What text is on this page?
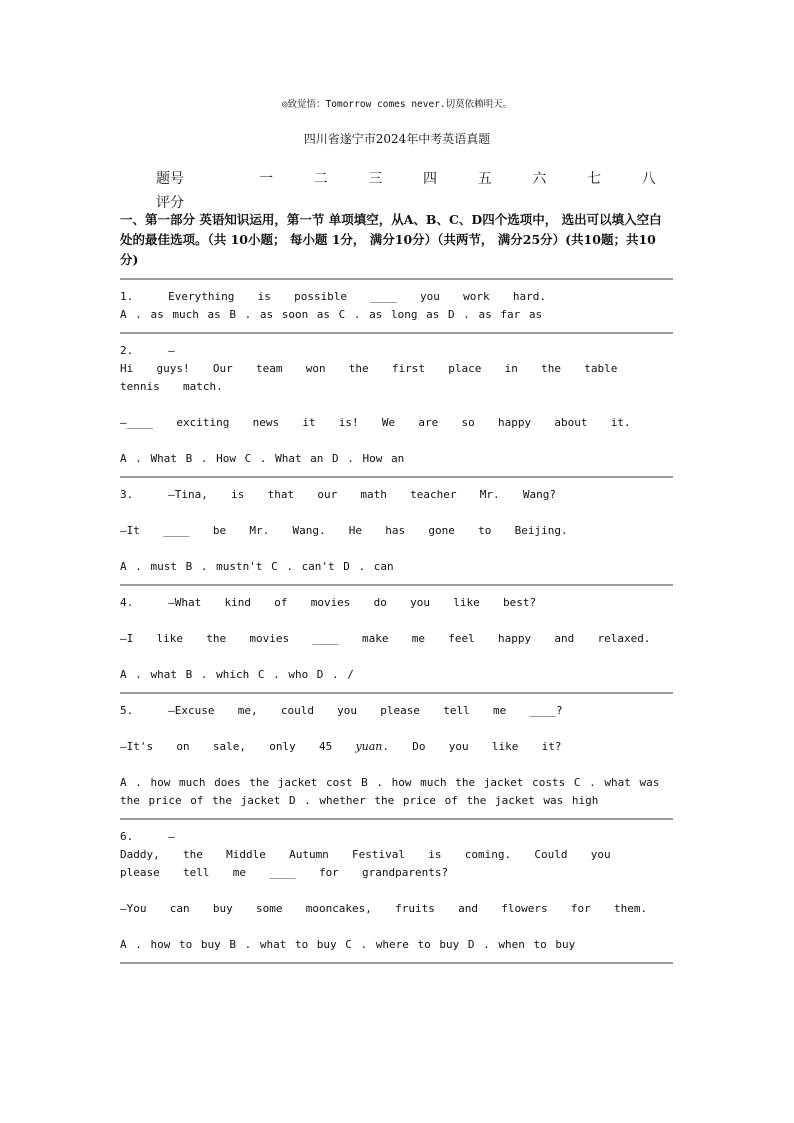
◎致觉悟：Tomorrow comes never.切莫依赖明天。
四川省遂宁市2024年中考英语真题
题号	一	二	三	四	五	六	七	八
评分
一、第一部分 英语知识运用，第一节 单项填空，从A、B、C、D四个选项中， 选出可以填入空白处的最佳选项。（共 10小题； 每小题 1分， 满分10分）（共两节， 满分25分）(共10题；共10分)
1.   Everything  is  possible  ____  you  work  hard.
A . as much as B . as soon as C . as long as D . as far as
2.   —
Hi  guys!  Our  team  won  the  first  place  in  the  table  tennis  match.
—____  exciting  news  it  is!  We  are  so  happy  about  it.
A . What B . How C . What an D . How an
3.   —Tina,  is  that  our  math  teacher  Mr.  Wang?
—It  ____  be  Mr.  Wang.  He  has  gone  to  Beijing.
A . must B . mustn't C . can't D . can
4.   —What  kind  of  movies  do  you  like  best?
—I  like  the  movies  ____  make  me  feel  happy  and  relaxed.
A . what B . which C . who D . /
5.   —Excuse  me,  could  you  please  tell  me  ____?
—It's  on  sale,  only  45  yuan.  Do  you  like  it?
A . how much does the jacket cost B . how much the jacket costs C . what was the price of the jacket D . whether the price of the jacket was high
6.   —
Daddy,  the  Middle  Autumn  Festival  is  coming.  Could  you  please  tell  me  ____  for  grandparents?
—You  can  buy  some  mooncakes,  fruits  and  flowers  for  them.
A . how to buy B . what to buy C . where to buy D . when to buy
